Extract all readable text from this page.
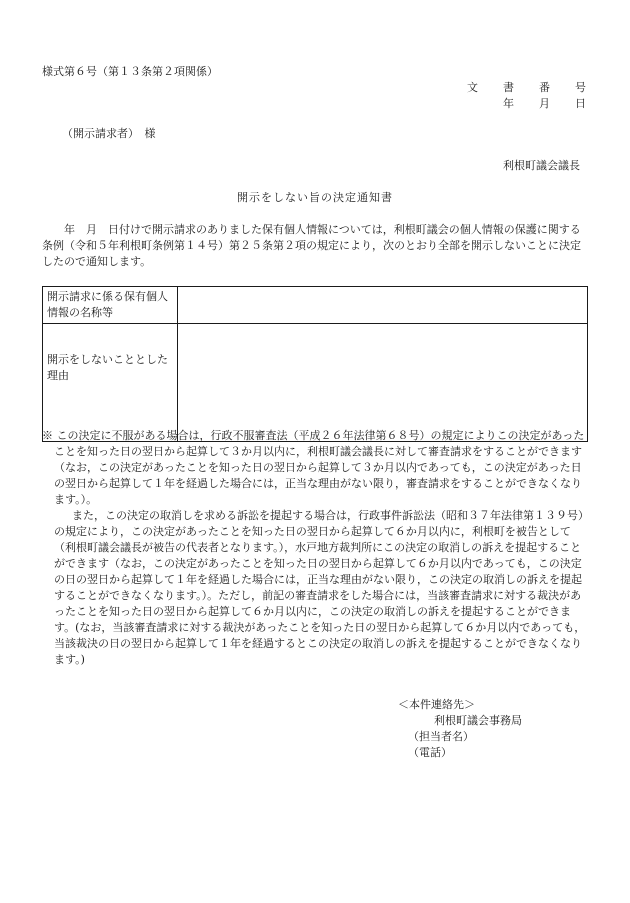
様式第６号（第１３条第２項関係）
文　書　番　号
年　月　日
（開示請求者）　様
利根町議会議長
開示をしない旨の決定通知書
年　月　日付けで開示請求のありました保有個人情報については，利根町議会の個人情報の保護に関する条例（令和５年利根町条例第１４号）第２５条第２項の規定により，次のとおり全部を開示しないことに決定したので通知します。
開示請求に係る保有個人情報の名称等	
開示をしないこととした理由	

※ この決定に不服がある場合は，行政不服審査法（平成２６年法律第６８号）の規定によりこの決定があったことを知った日の翌日から起算して３か月以内に，利根町議会議長に対して審査請求をすることができます（なお，この決定があったことを知った日の翌日から起算して３か月以内であっても，この決定があった日の翌日から起算して１年を経過した場合には，正当な理由がない限り，審査請求をすることができなくなります。）。

また，この決定の取消しを求める訴訟を提起する場合は，行政事件訴訟法（昭和３７年法律第１３９号）の規定により，この決定があったことを知った日の翌日から起算して６か月以内に，利根町を被告として（利根町議会議長が被告の代表者となります。），水戸地方裁判所にこの決定の取消しの訴えを提起することができます（なお，この決定があったことを知った日の翌日から起算して６か月以内であっても，この決定の日の翌日から起算して１年を経過した場合には，正当な理由がない限り，この決定の取消しの訴えを提起することができなくなります。）。ただし，前記の審査請求をした場合には，当該審査請求に対する裁決があったことを知った日の翌日から起算して６か月以内に，この決定の取消しの訴えを提起することができます。(なお，当該審査請求に対する裁決があったことを知った日の翌日から起算して６か月以内であっても，当該裁決の日の翌日から起算して１年を経過するとこの決定の取消しの訴えを提起することができなくなります。)

＜本件連絡先＞
利根町議会事務局
（担当者名）
（電話）
